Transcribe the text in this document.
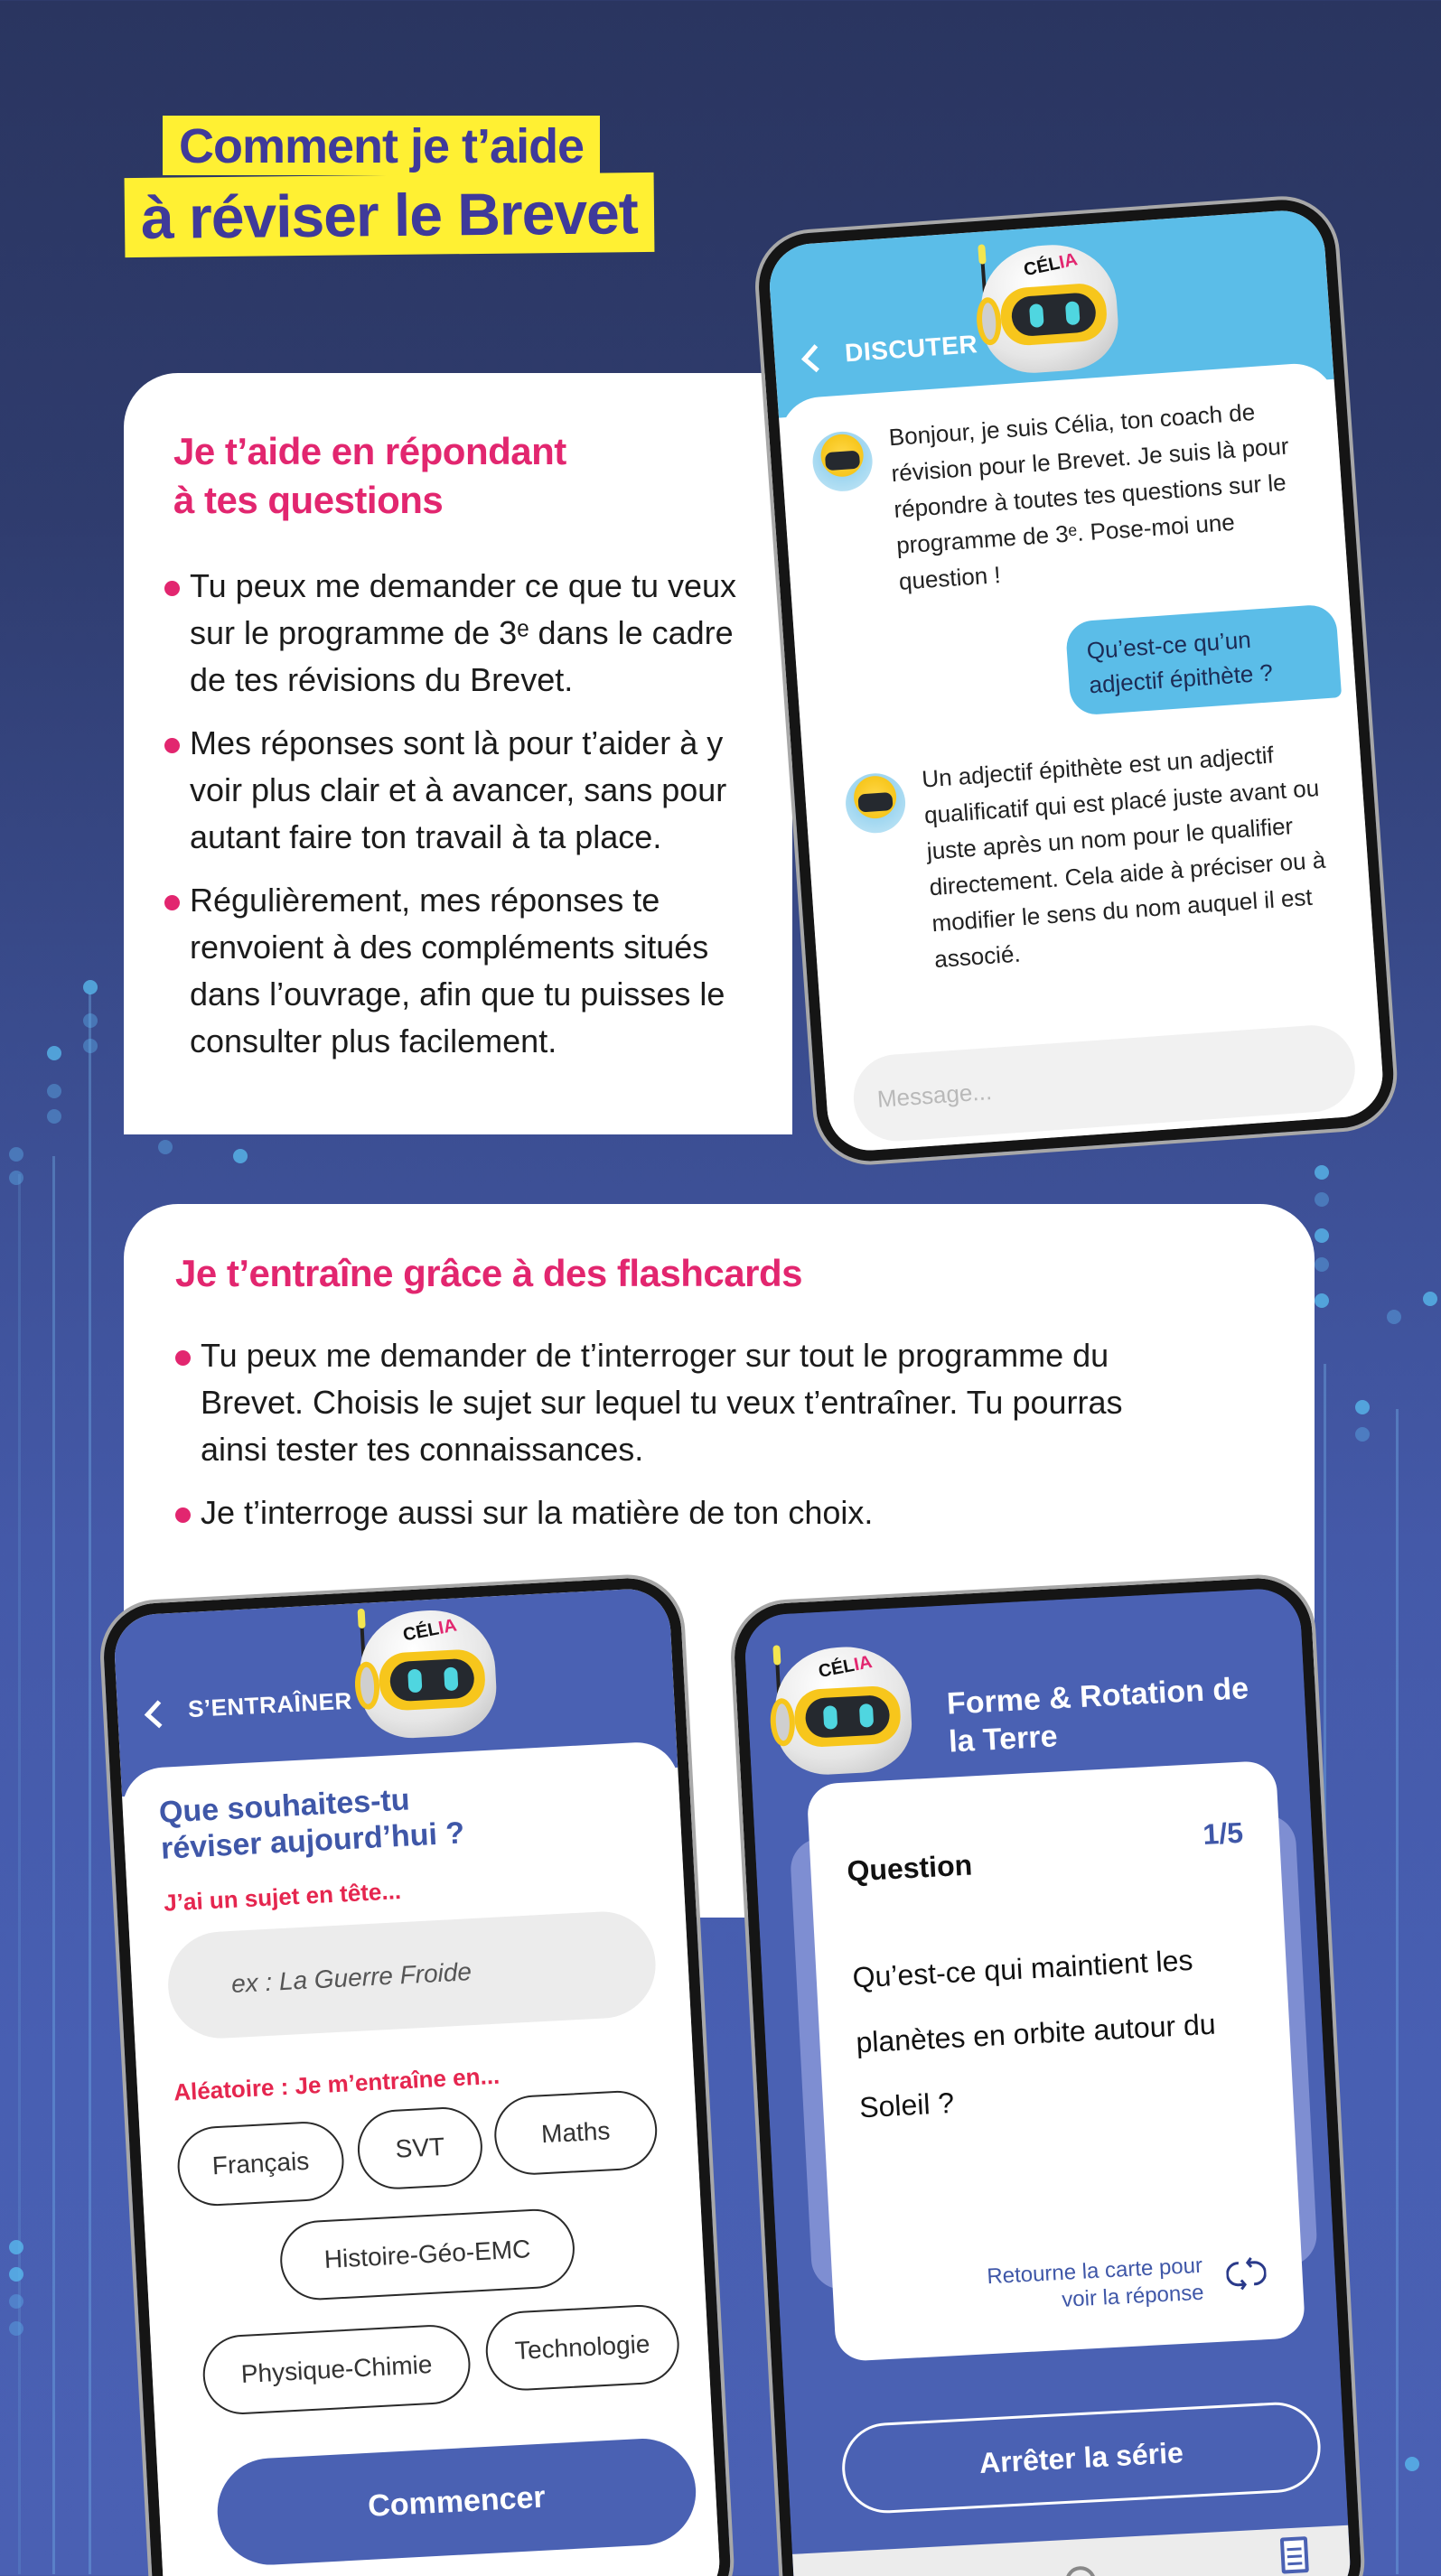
Comment je t’aide
à réviser le Brevet
Je t’aide en répondant
à tes questions
Tu peux me demander ce que tu veux sur le programme de 3ᵉ dans le cadre de tes révisions du Brevet.
Mes réponses sont là pour t’aider à y voir plus clair et à avancer, sans pour autant faire ton travail à ta place.
Régulièrement, mes réponses te renvoient à des compléments situés dans l’ouvrage, afin que tu puisses le consulter plus facilement.
DISCUTER
CÉLIA
Bonjour, je suis Célia, ton coach de révision pour le Brevet. Je suis là pour répondre à toutes tes questions sur le programme de 3ᵉ. Pose-moi une question !
Qu’est-ce qu’un adjectif épithète ?
Un adjectif épithète est un adjectif qualificatif qui est placé juste avant ou juste après un nom pour le qualifier directement. Cela aide à préciser ou à modifier le sens du nom auquel il est associé.
Message...
Je t’entraîne grâce à des flashcards
Tu peux me demander de t’interroger sur tout le programme du Brevet. Choisis le sujet sur lequel tu veux t’entraîner. Tu pourras ainsi tester tes connaissances.
Je t’interroge aussi sur la matière de ton choix.
S’ENTRAÎNER
CÉLIA
Que souhaites-tu réviser aujourd’hui ?
J’ai un sujet en tête...
ex : La Guerre Froide
Aléatoire : Je m’entraîne en...
Français	SVT	Maths
Histoire-Géo-EMC
Physique-Chimie
Technologie
Commencer
CÉLIA
Forme & Rotation de la Terre
Question
1/5
Qu’est-ce qui maintient les planètes en orbite autour du Soleil ?
Retourne la carte pour voir la réponse
Arrêter la série
